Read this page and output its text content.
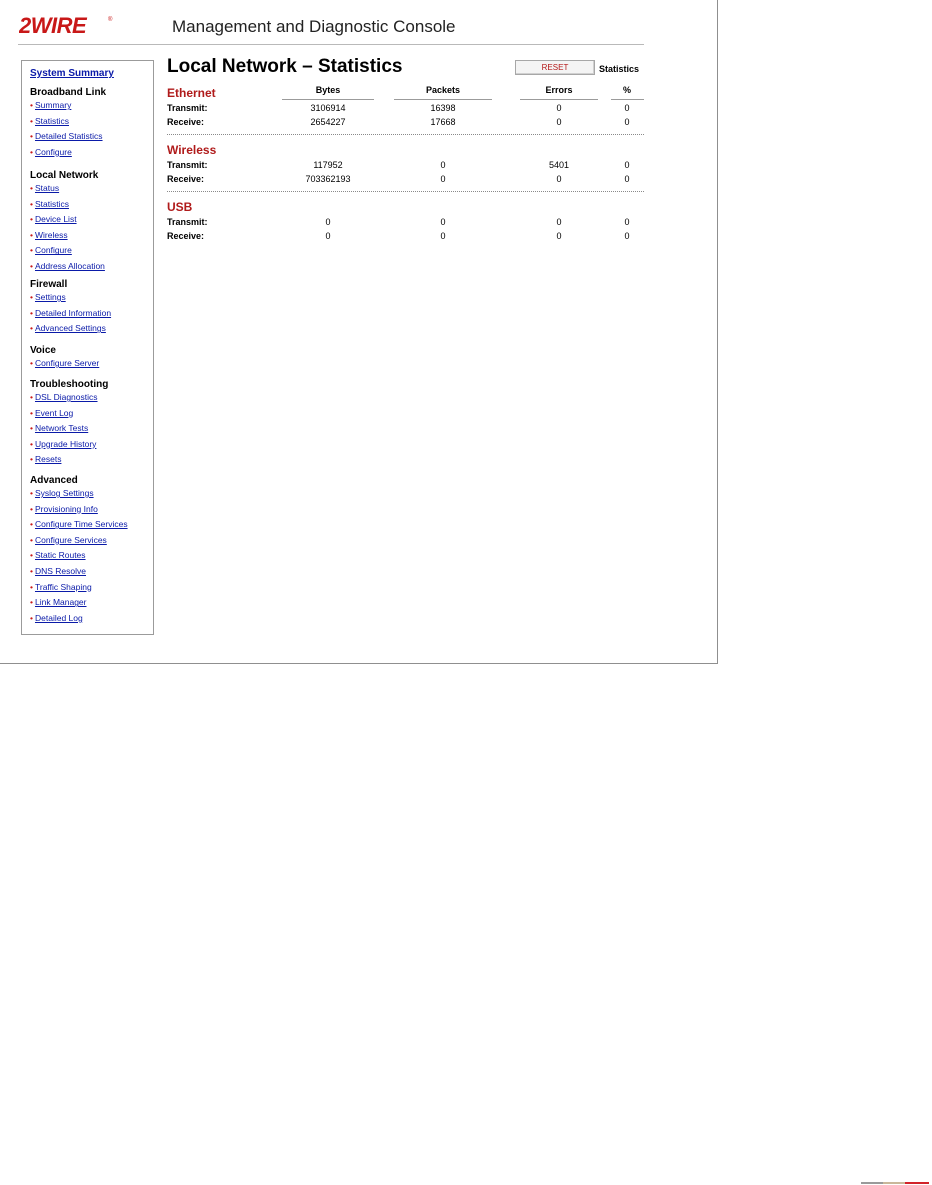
2WIRE	®	Management and Diagnostic Console
System Summary
Broadband Link
• Summary
• Statistics
• Detailed Statistics
• Configure
Local Network
• Status
• Statistics
• Device List
• Wireless
• Configure
• Address Allocation
Firewall
• Settings
• Detailed Information
• Advanced Settings
Voice
• Configure Server
Troubleshooting
• DSL Diagnostics
• Event Log
• Network Tests
• Upgrade History
• Resets
Advanced
• Syslog Settings
• Provisioning Info
• Configure Time Services
• Configure Services
• Static Routes
• DNS Resolve
• Traffic Shaping
• Link Manager
• Detailed Log
Local Network – Statistics	RESET	Statistics
Bytes	Packets	Errors	%
Ethernet
Transmit:	3106914	16398	0	0
Receive:	2654227	17668	0	0
Wireless
Transmit:	117952	0	5401	0
Receive:	703362193	0	0	0
USB
Transmit:	0	0	0	0
Receive:	0	0	0	0
